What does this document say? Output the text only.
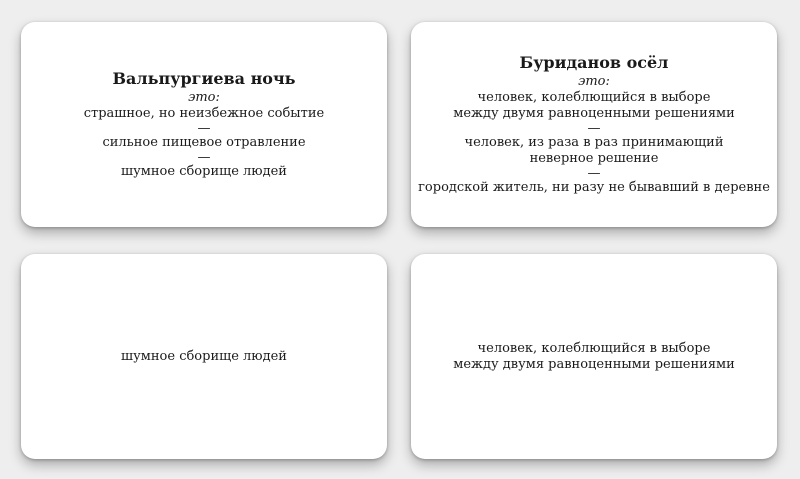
Вальпургиева ночь
это:
страшное, но неизбежное событие
—
сильное пищевое отравление
—
шумное сборище людей
Буриданов осёл
это:
человек, колеблющийся в выборе
между двумя равноценными решениями
—
человек, из раза в раз принимающий
неверное решение
—
городской житель, ни разу не бывавший в деревне
шумное сборище людей
человек, колеблющийся в выборе
между двумя равноценными решениями
